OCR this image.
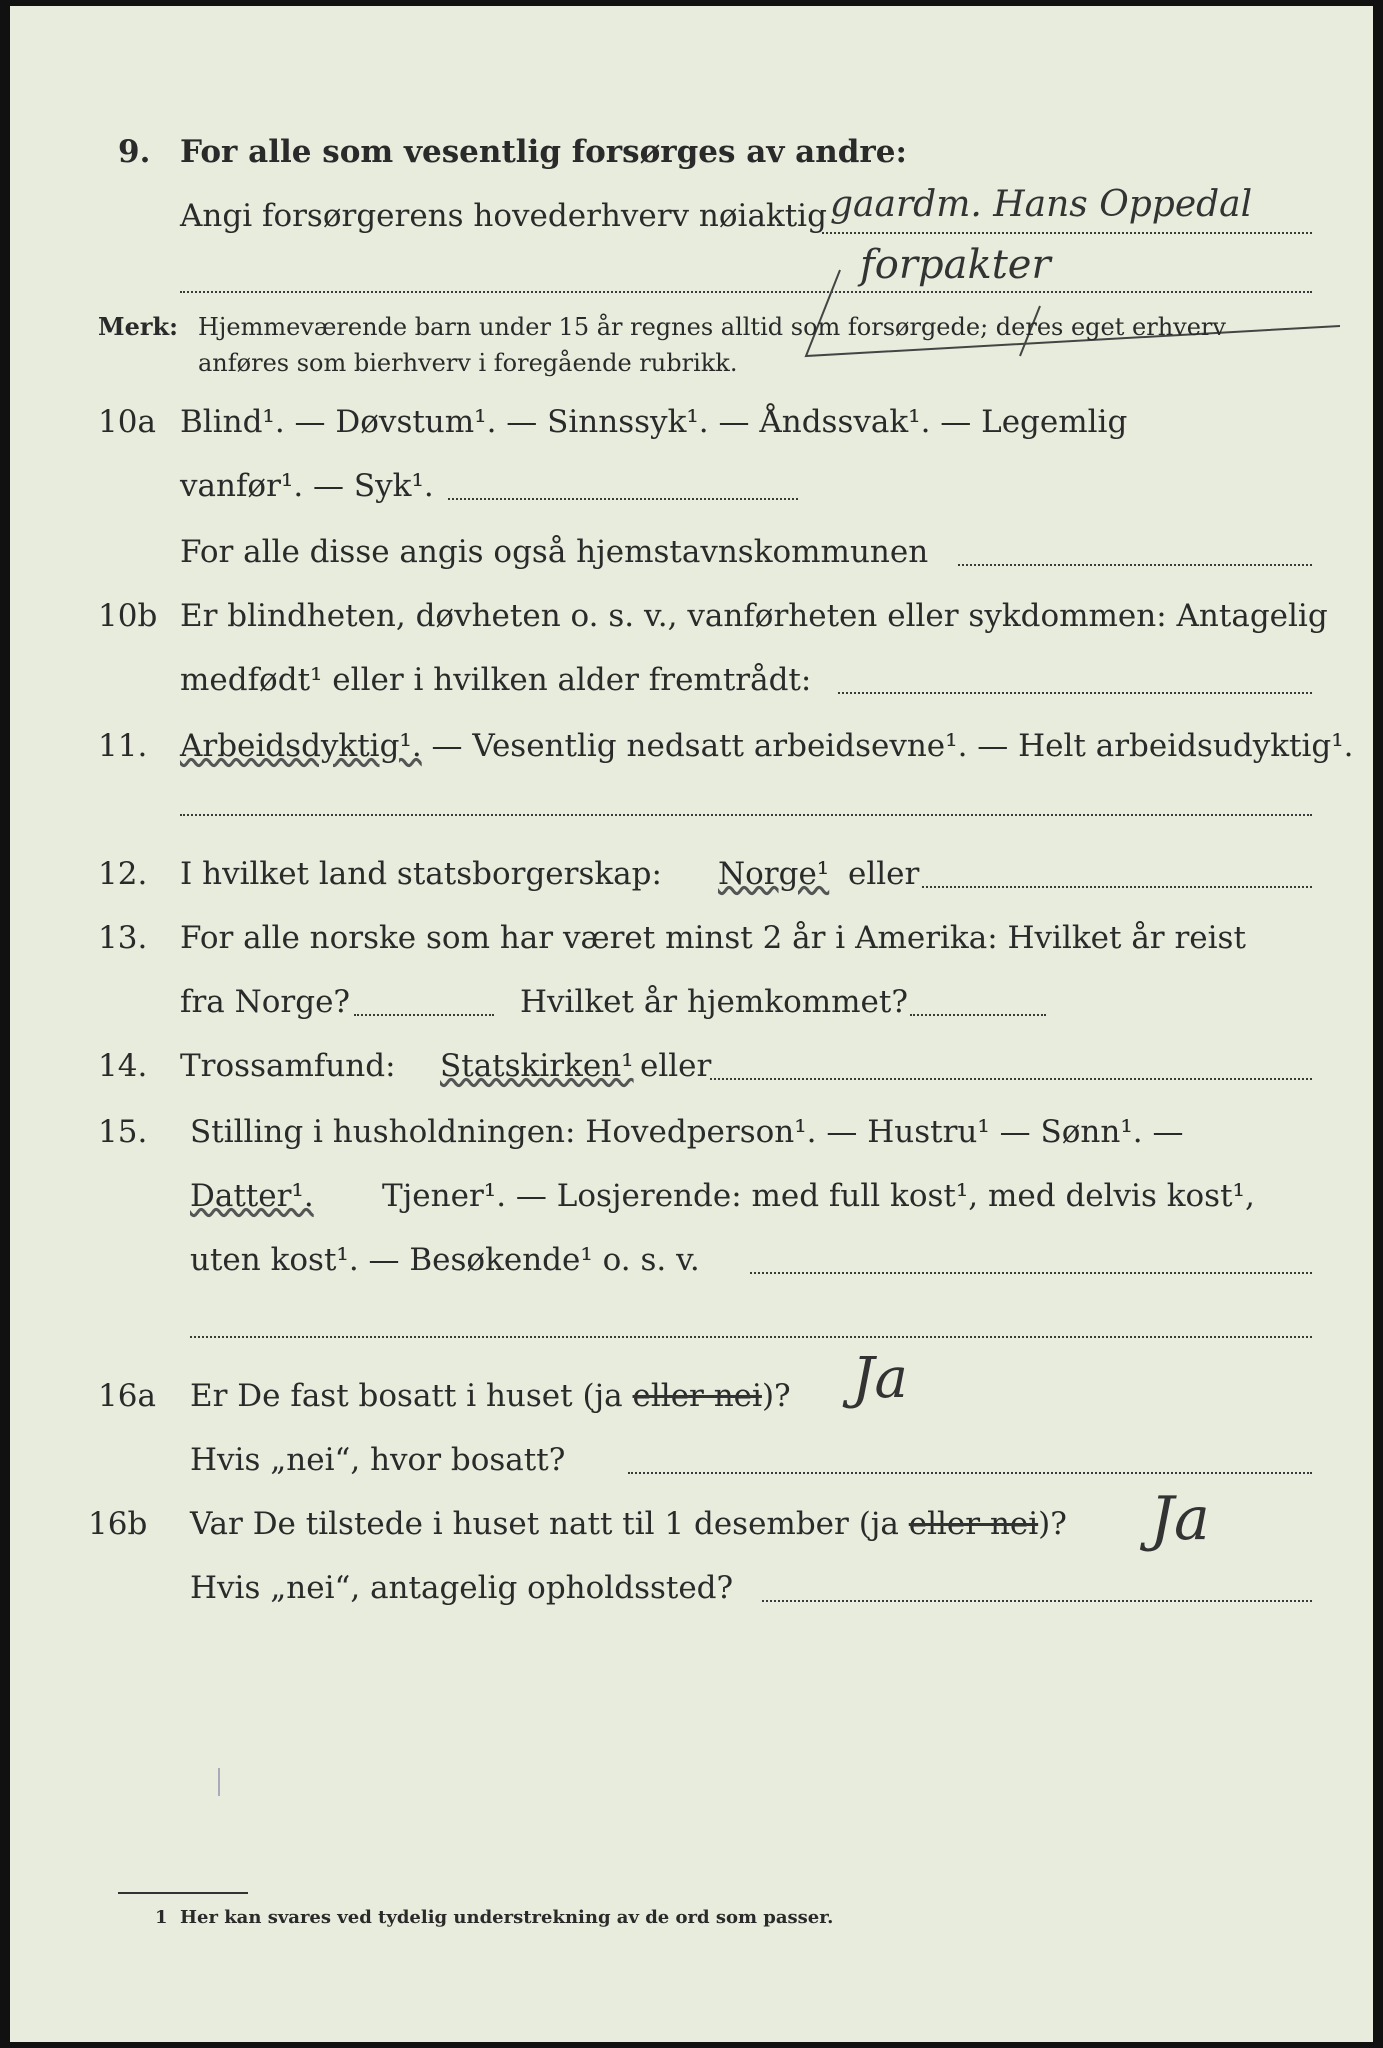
9. For alle som vesentlig forsørges av andre:
Angi forsørgerens hovederhverv nøiaktig gaardm. Hans Oppedal
forpakter
Merk: Hjemmeværende barn under 15 år regnes alltid som forsørgede; deres eget erhverv
anføres som bierhverv i foregående rubrikk.
10a Blind¹. — Døvstum¹. — Sinnssyk¹. — Åndssvak¹. — Legemlig
vanfør¹. — Syk¹.
For alle disse angis også hjemstavnskommunen
10b Er blindheten, døvheten o. s. v., vanførheten eller sykdommen: Antagelig
medfødt¹ eller i hvilken alder fremtrådt:
11. Arbeidsdyktig¹. — Vesentlig nedsatt arbeidsevne¹. — Helt arbeidsudyktig¹.
12. I hvilket land statsborgerskap: Norge¹ eller
13. For alle norske som har været minst 2 år i Amerika: Hvilket år reist
fra Norge?	Hvilket år hjemkommet?
14. Trossamfund: Statskirken¹ eller
15. Stilling i husholdningen: Hovedperson¹. — Hustru¹ — Sønn¹. —
Datter¹. Tjener¹. — Losjerende: med full kost¹, med delvis kost¹,
uten kost¹. — Besøkende¹ o. s. v.
16a Er De fast bosatt i huset (ja eller nei)? Ja
Hvis „nei“, hvor bosatt?
16b Var De tilstede i huset natt til 1 desember (ja eller nei)? Ja
Hvis „nei“, antagelig opholdssted?
1 Her kan svares ved tydelig understrekning av de ord som passer.
